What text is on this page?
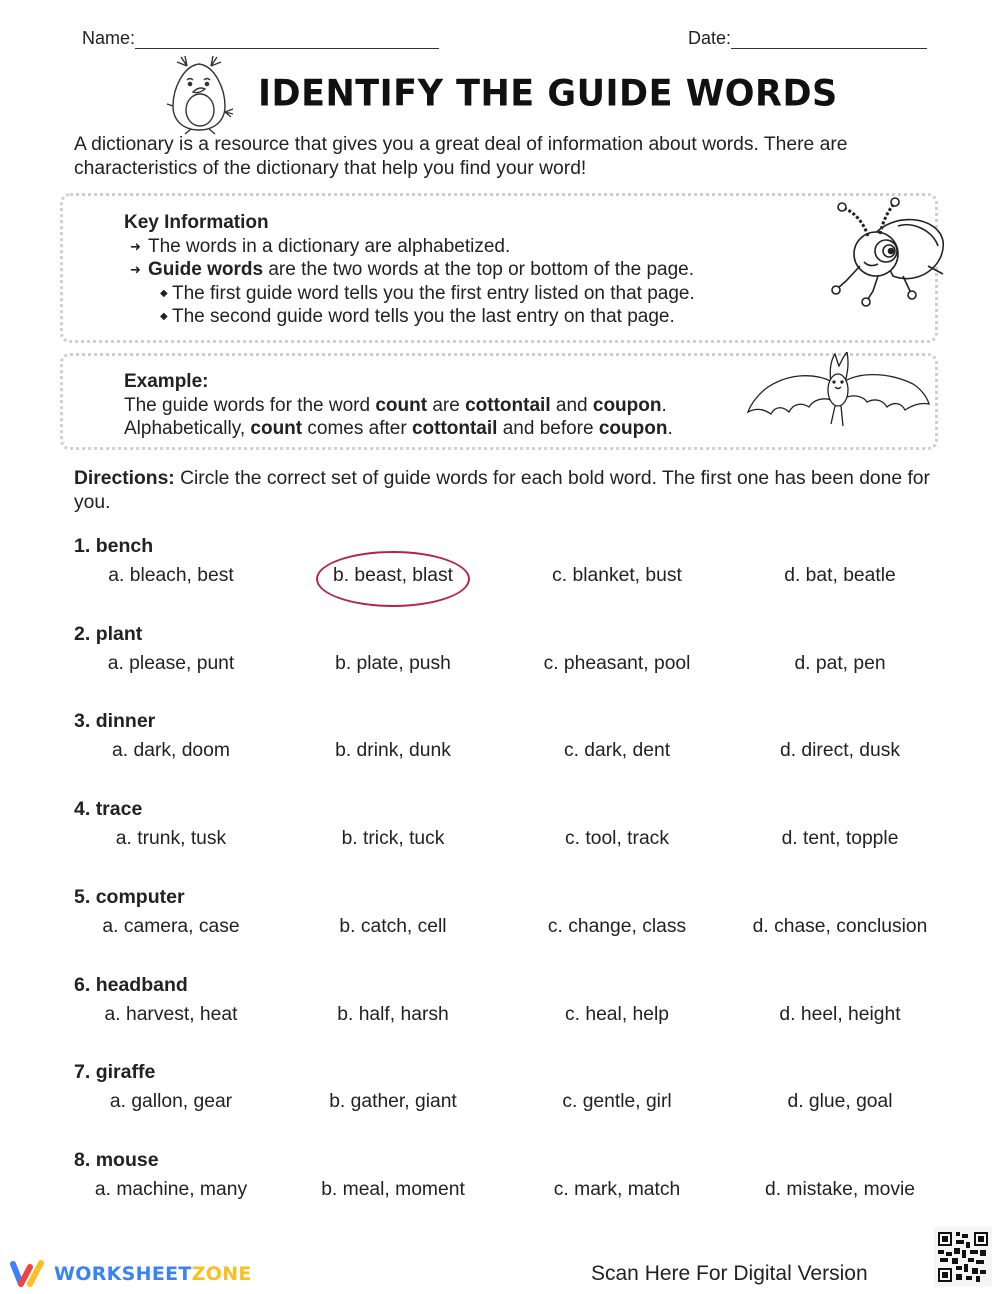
Name:	Date:
IDENTIFY THE GUIDE WORDS
A dictionary is a resource that gives you a great deal of information about words. There are characteristics of the dictionary that help you find your word!
Key Information
➜ The words in a dictionary are alphabetized.
➜ Guide words are the two words at the top or bottom of the page.
◆ The first guide word tells you the first entry listed on that page.
◆ The second guide word tells you the last entry on that page.
Example:
The guide words for the word count are cottontail and coupon.
Alphabetically, count comes after cottontail and before coupon.
Directions: Circle the correct set of guide words for each bold word. The first one has been done for you.
1. bench
a. bleach, best	b. beast, blast	c. blanket, bust	d. bat, beatle
2. plant
a. please, punt	b. plate, push	c. pheasant, pool	d. pat, pen
3. dinner
a. dark, doom	b. drink, dunk	c. dark, dent	d. direct, dusk
4. trace
a. trunk, tusk	b. trick, tuck	c. tool, track	d. tent, topple
5. computer
a. camera, case	b. catch, cell	c. change, class	d. chase, conclusion
6. headband
a. harvest, heat	b. half, harsh	c. heal, help	d. heel, height
7. giraffe
a. gallon, gear	b. gather, giant	c. gentle, girl	d. glue, goal
8. mouse
a. machine, many	b. meal, moment	c. mark, match	d. mistake, movie
WORKSHEET ZONE	Scan Here For Digital Version
